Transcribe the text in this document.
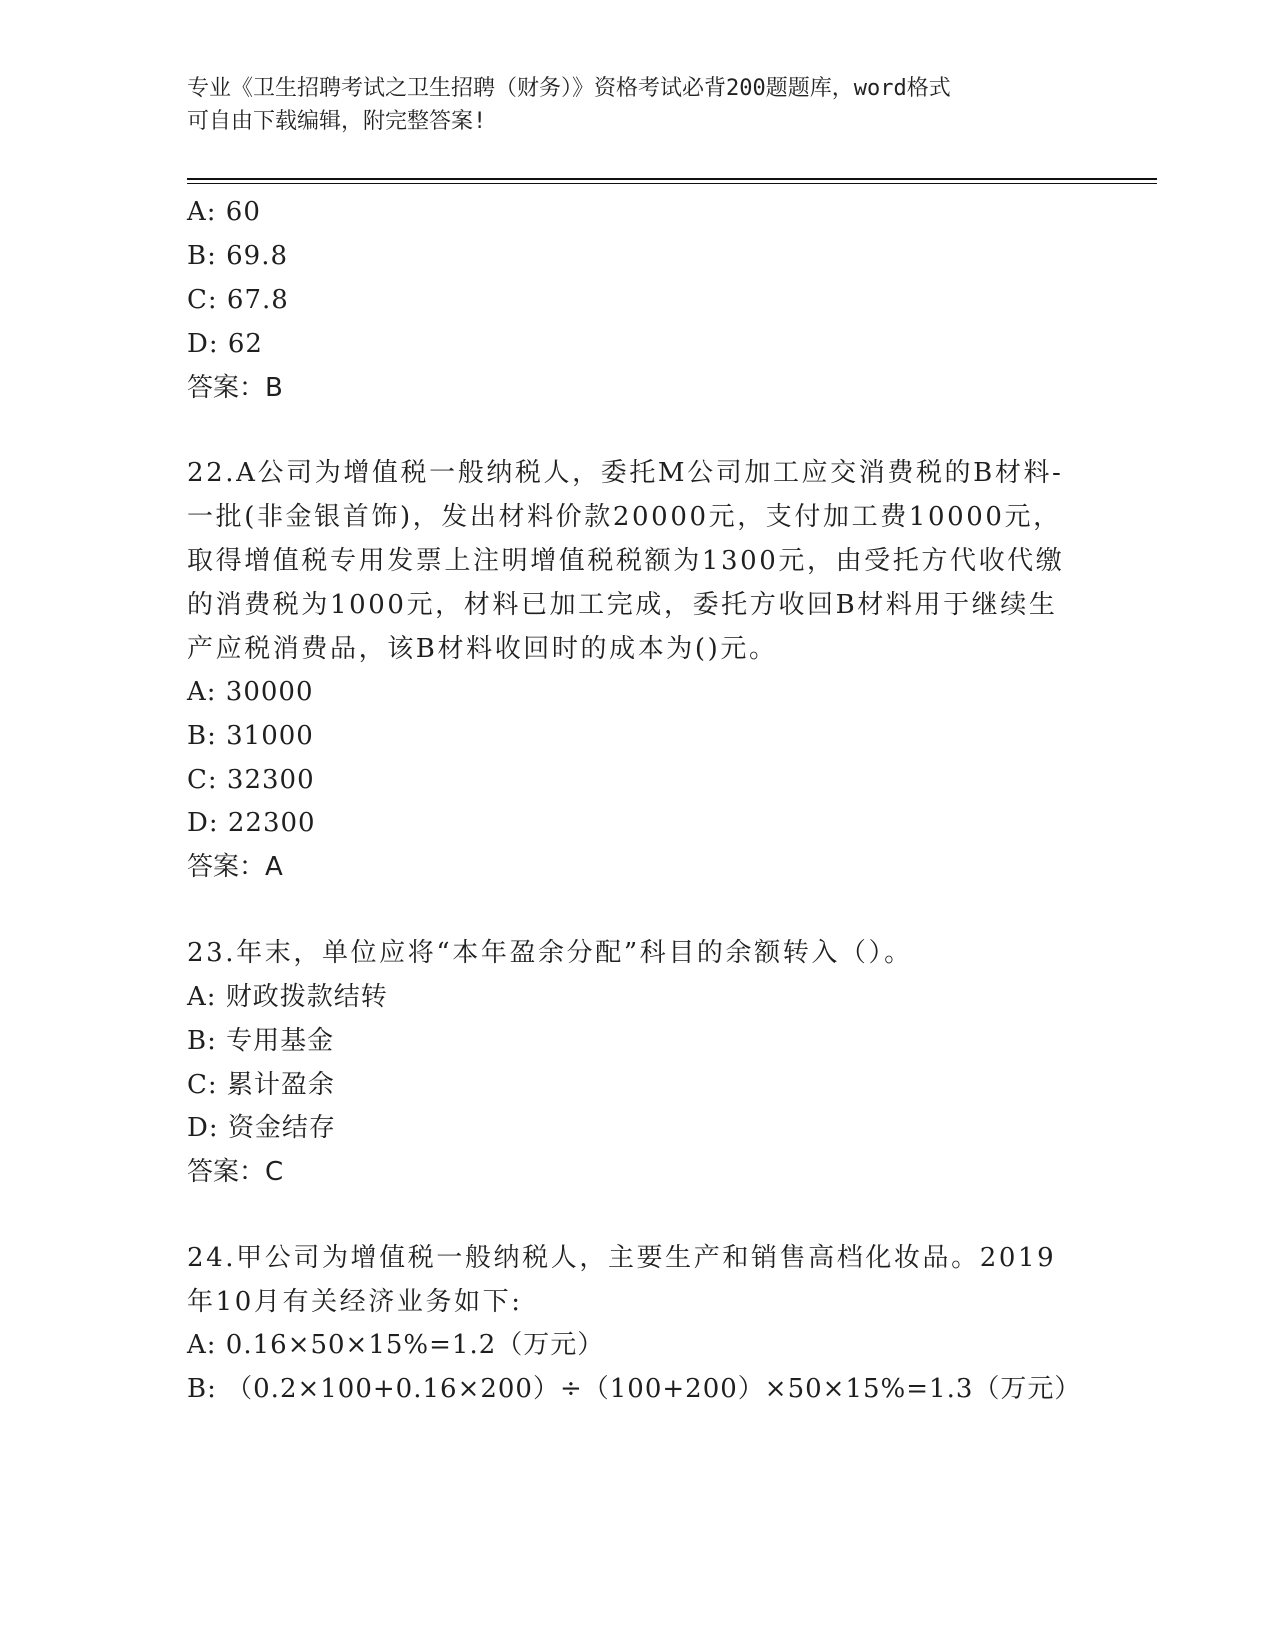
专业《卫生招聘考试之卫生招聘（财务）》资格考试必背200题题库，word格式
可自由下载编辑，附完整答案!
A: 60
B: 69.8
C: 67.8
D: 62
答案：B
22.A公司为增值税一般纳税人，委托M公司加工应交消费税的B材料-
一批(非金银首饰)，发出材料价款20000元，支付加工费10000元，
取得增值税专用发票上注明增值税税额为1300元，由受托方代收代缴
的消费税为1000元，材料已加工完成，委托方收回B材料用于继续生
产应税消费品，该B材料收回时的成本为()元。
A: 30000
B: 31000
C: 32300
D: 22300
答案：A
23.年末，单位应将“本年盈余分配”科目的余额转入（）。
A: 财政拨款结转
B: 专用基金
C: 累计盈余
D: 资金结存
答案：C
24.甲公司为增值税一般纳税人，主要生产和销售高档化妆品。2019
年10月有关经济业务如下:
A: 0.16×50×15%=1.2（万元）
B: （0.2×100+0.16×200）÷（100+200）×50×15%=1.3（万元）
